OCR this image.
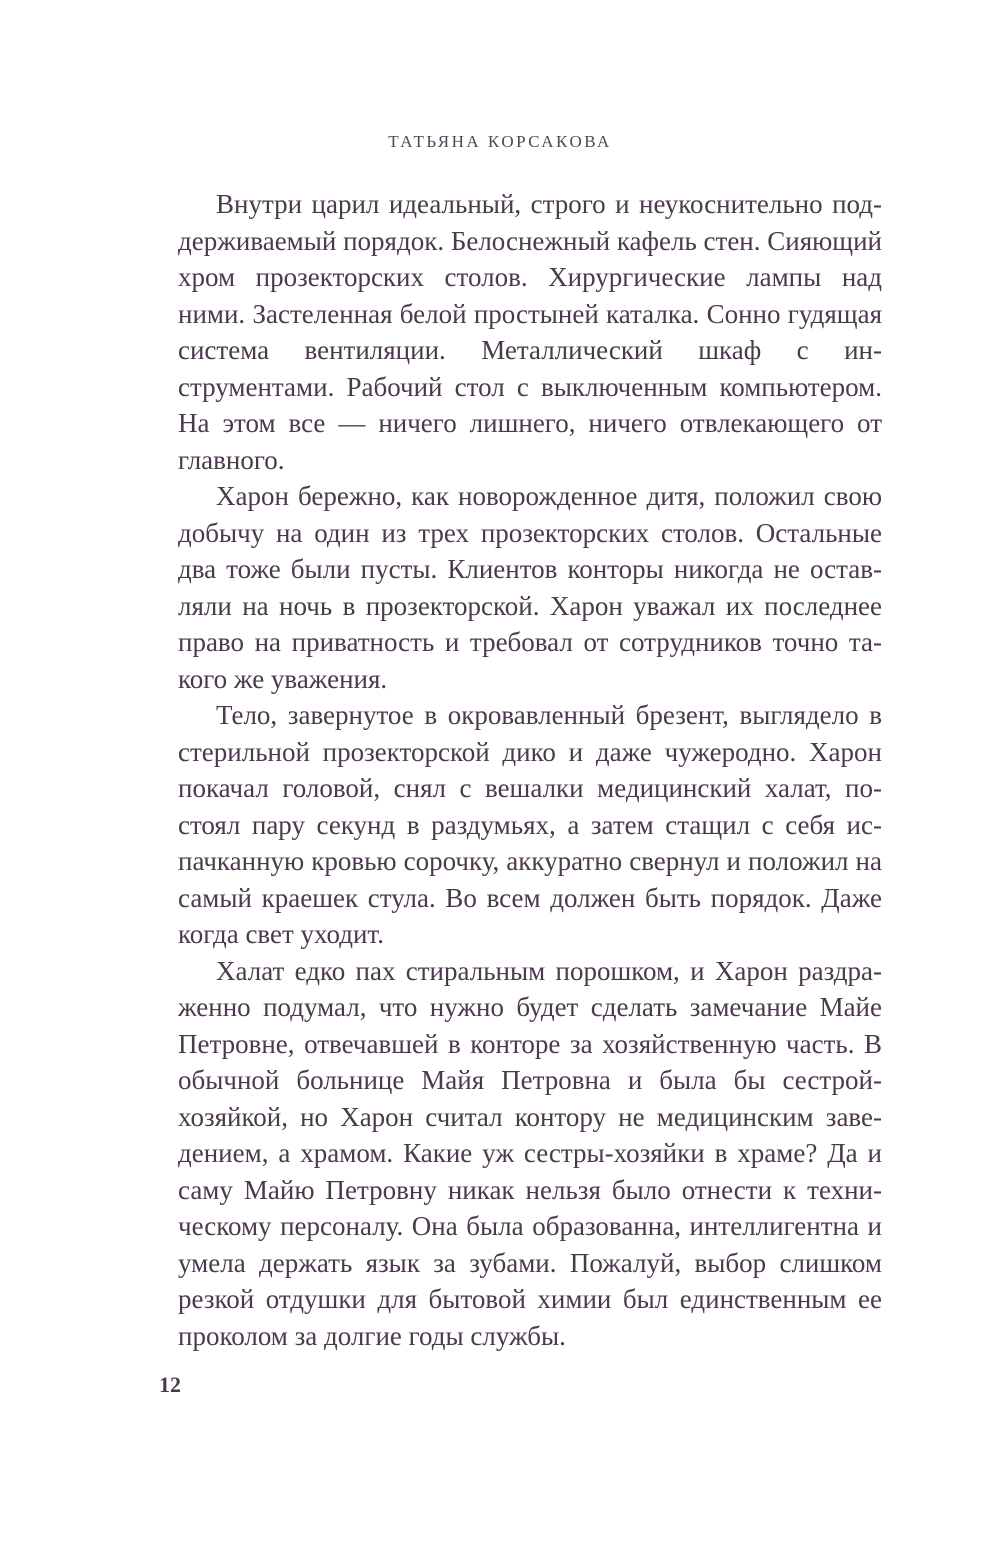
ТАТЬЯНА КОРСАКОВА

Внутри царил идеальный, строго и неукоснительно поддерживаемый порядок. Белоснежный кафель стен. Сияющий хром прозекторских столов. Хирургические лампы над ними. Застеленная белой простыней каталка. Сонно гудящая система вентиляции. Металлический шкаф с инструментами. Рабочий стол с выключенным компьютером. На этом все — ничего лишнего, ничего отвлекающего от главного.

Харон бережно, как новорожденное дитя, положил свою добычу на один из трех прозекторских столов. Остальные два тоже были пусты. Клиентов конторы никогда не оставляли на ночь в прозекторской. Харон уважал их последнее право на приватность и требовал от сотрудников точно такого же уважения.

Тело, завернутое в окровавленный брезент, выглядело в стерильной прозекторской дико и даже чужеродно. Харон покачал головой, снял с вешалки медицинский халат, постоял пару секунд в раздумьях, а затем стащил с себя испачканную кровью сорочку, аккуратно свернул и положил на самый краешек стула. Во всем должен быть порядок. Даже когда свет уходит.

Халат едко пах стиральным порошком, и Харон раздраженно подумал, что нужно будет сделать замечание Майе Петровне, отвечавшей в конторе за хозяйственную часть. В обычной больнице Майя Петровна и была бы сестрой-хозяйкой, но Харон считал контору не медицинским заведением, а храмом. Какие уж сестры-хозяйки в храме? Да и саму Майю Петровну никак нельзя было отнести к техническому персоналу. Она была образованна, интеллигентна и умела держать язык за зубами. Пожалуй, выбор слишком резкой отдушки для бытовой химии был единственным ее проколом за долгие годы службы.

12
